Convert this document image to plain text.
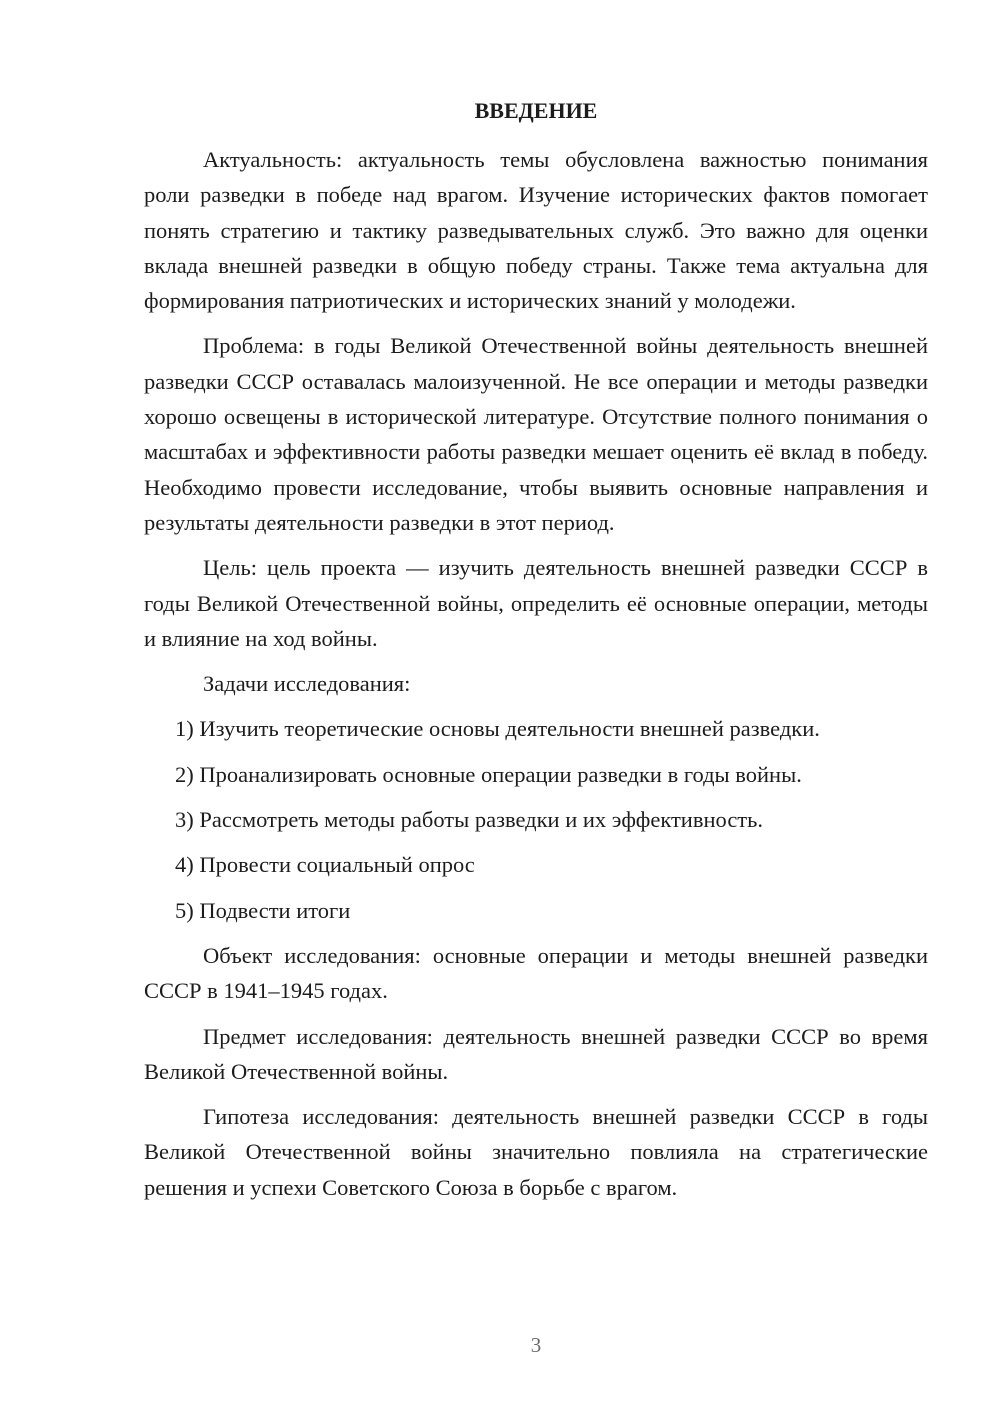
ВВЕДЕНИЕ

Актуальность: актуальность темы обусловлена важностью понимания роли разведки в победе над врагом. Изучение исторических фактов помогает понять стратегию и тактику разведывательных служб. Это важно для оценки вклада внешней разведки в общую победу страны. Также тема актуальна для формирования патриотических и исторических знаний у молодежи.

Проблема: в годы Великой Отечественной войны деятельность внешней разведки СССР оставалась малоизученной. Не все операции и методы разведки хорошо освещены в исторической литературе. Отсутствие полного понимания о масштабах и эффективности работы разведки мешает оценить её вклад в победу. Необходимо провести исследование, чтобы выявить основные направления и результаты деятельности разведки в этот период.

Цель: цель проекта — изучить деятельность внешней разведки СССР в годы Великой Отечественной войны, определить её основные операции, методы и влияние на ход войны.

Задачи исследования:

1) Изучить теоретические основы деятельности внешней разведки.
2) Проанализировать основные операции разведки в годы войны.
3) Рассмотреть методы работы разведки и их эффективность.
4) Провести социальный опрос
5) Подвести итоги

Объект исследования: основные операции и методы внешней разведки СССР в 1941–1945 годах.

Предмет исследования: деятельность внешней разведки СССР во время Великой Отечественной войны.

Гипотеза исследования: деятельность внешней разведки СССР в годы Великой Отечественной войны значительно повлияла на стратегические решения и успехи Советского Союза в борьбе с врагом.

3
